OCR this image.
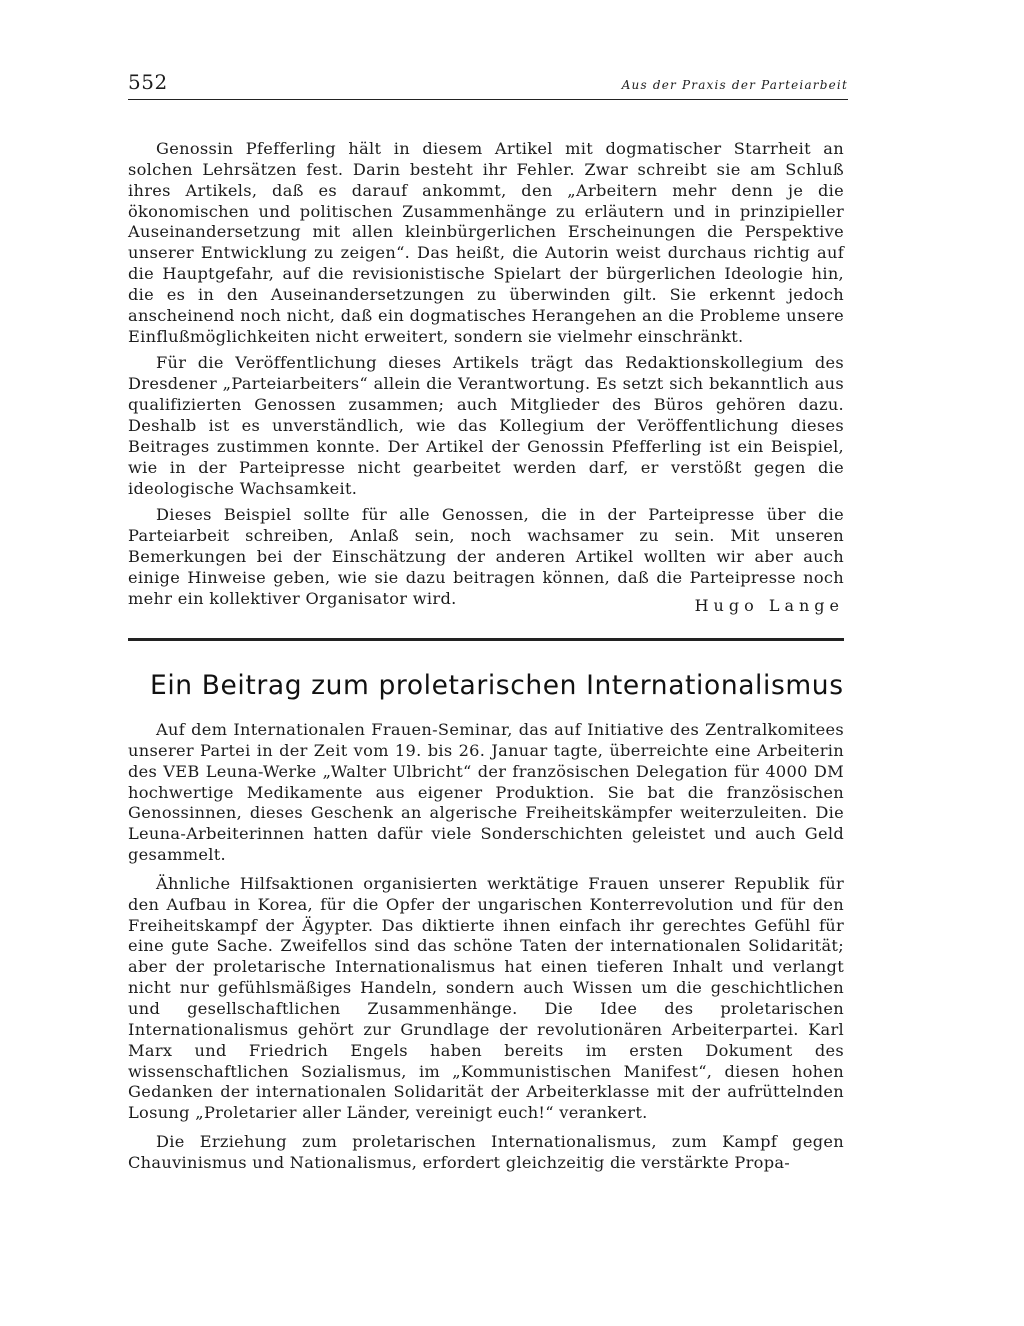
552	Aus der Praxis der Parteiarbeit

Genossin Pfefferling hält in diesem Artikel mit dogmatischer Starrheit an solchen Lehrsätzen fest. Darin besteht ihr Fehler. Zwar schreibt sie am Schluß ihres Artikels, daß es darauf ankommt, den „Arbeitern mehr denn je die ökonomischen und politischen Zusammenhänge zu erläutern und in prinzipieller Auseinandersetzung mit allen kleinbürgerlichen Erscheinungen die Perspektive unserer Entwicklung zu zeigen“. Das heißt, die Autorin weist durchaus richtig auf die Hauptgefahr, auf die revisionistische Spielart der bürgerlichen Ideologie hin, die es in den Auseinandersetzungen zu überwinden gilt. Sie erkennt jedoch anscheinend noch nicht, daß ein dogmatisches Herangehen an die Probleme unsere Einflußmöglichkeiten nicht erweitert, sondern sie vielmehr einschränkt.

Für die Veröffentlichung dieses Artikels trägt das Redaktionskollegium des Dresdener „Parteiarbeiters“ allein die Verantwortung. Es setzt sich bekanntlich aus qualifizierten Genossen zusammen; auch Mitglieder des Büros gehören dazu. Deshalb ist es unverständlich, wie das Kollegium der Veröffentlichung dieses Beitrages zustimmen konnte. Der Artikel der Genossin Pfefferling ist ein Beispiel, wie in der Parteipresse nicht gearbeitet werden darf, er verstößt gegen die ideologische Wachsamkeit.

Dieses Beispiel sollte für alle Genossen, die in der Parteipresse über die Parteiarbeit schreiben, Anlaß sein, noch wachsamer zu sein. Mit unseren Bemerkungen bei der Einschätzung der anderen Artikel wollten wir aber auch einige Hinweise geben, wie sie dazu beitragen können, daß die Parteipresse noch mehr ein kollektiver Organisator wird.	Hugo Lange
Ein Beitrag zum proletarischen Internationalismus

Auf dem Internationalen Frauen-Seminar, das auf Initiative des Zentralkomitees unserer Partei in der Zeit vom 19. bis 26. Januar tagte, überreichte eine Arbeiterin des VEB Leuna-Werke „Walter Ulbricht“ der französischen Delegation für 4000 DM hochwertige Medikamente aus eigener Produktion. Sie bat die französischen Genossinnen, dieses Geschenk an algerische Freiheitskämpfer weiterzuleiten. Die Leuna-Arbeiterinnen hatten dafür viele Sonderschichten geleistet und auch Geld gesammelt.

Ähnliche Hilfsaktionen organisierten werktätige Frauen unserer Republik für den Aufbau in Korea, für die Opfer der ungarischen Konterrevolution und für den Freiheitskampf der Ägypter. Das diktierte ihnen einfach ihr gerechtes Gefühl für eine gute Sache. Zweifellos sind das schöne Taten der internationalen Solidarität; aber der proletarische Internationalismus hat einen tieferen Inhalt und verlangt nicht nur gefühlsmäßiges Handeln, sondern auch Wissen um die geschichtlichen und gesellschaftlichen Zusammenhänge. Die Idee des proletarischen Internationalismus gehört zur Grundlage der revolutionären Arbeiterpartei. Karl Marx und Friedrich Engels haben bereits im ersten Dokument des wissenschaftlichen Sozialismus, im „Kommunistischen Manifest“, diesen hohen Gedanken der internationalen Solidarität der Arbeiterklasse mit der aufrüttelnden Losung „Proletarier aller Länder, vereinigt euch!“ verankert.

Die Erziehung zum proletarischen Internationalismus, zum Kampf gegen Chauvinismus und Nationalismus, erfordert gleichzeitig die verstärkte Propa-
